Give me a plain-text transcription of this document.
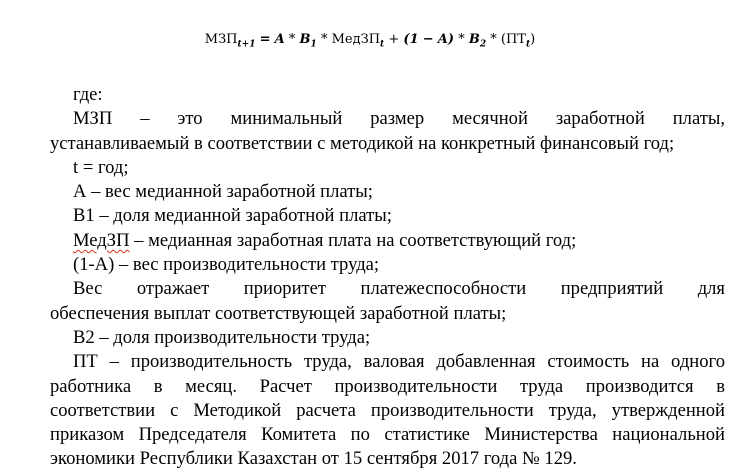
$МЗП_{t+1} = A * B_1$ * МедЗП$_t$ + $(1 - A) * B_2 * (ПТ_t)$

где:

МЗП – это минимальный размер месячной заработной платы,

устанавливаемый в соответствии с методикой на конкретный финансовый год;

t = год;

А – вес медианной заработной платы;

В1 – доля медианной заработной платы;

МедЗП – медианная заработная плата на соответствующий год;

(1-А) – вес производительности труда;

Вес отражает приоритет платежеспособности предприятий для

обеспечения выплат соответствующей заработной платы;

В2 – доля производительности труда;

ПТ – производительность труда, валовая добавленная стоимость на одного

работника в месяц. Расчет производительности труда производится в

соответствии с Методикой расчета производительности труда, утвержденной

приказом Председателя Комитета по статистике Министерства национальной

экономики Республики Казахстан от 15 сентября 2017 года № 129.
